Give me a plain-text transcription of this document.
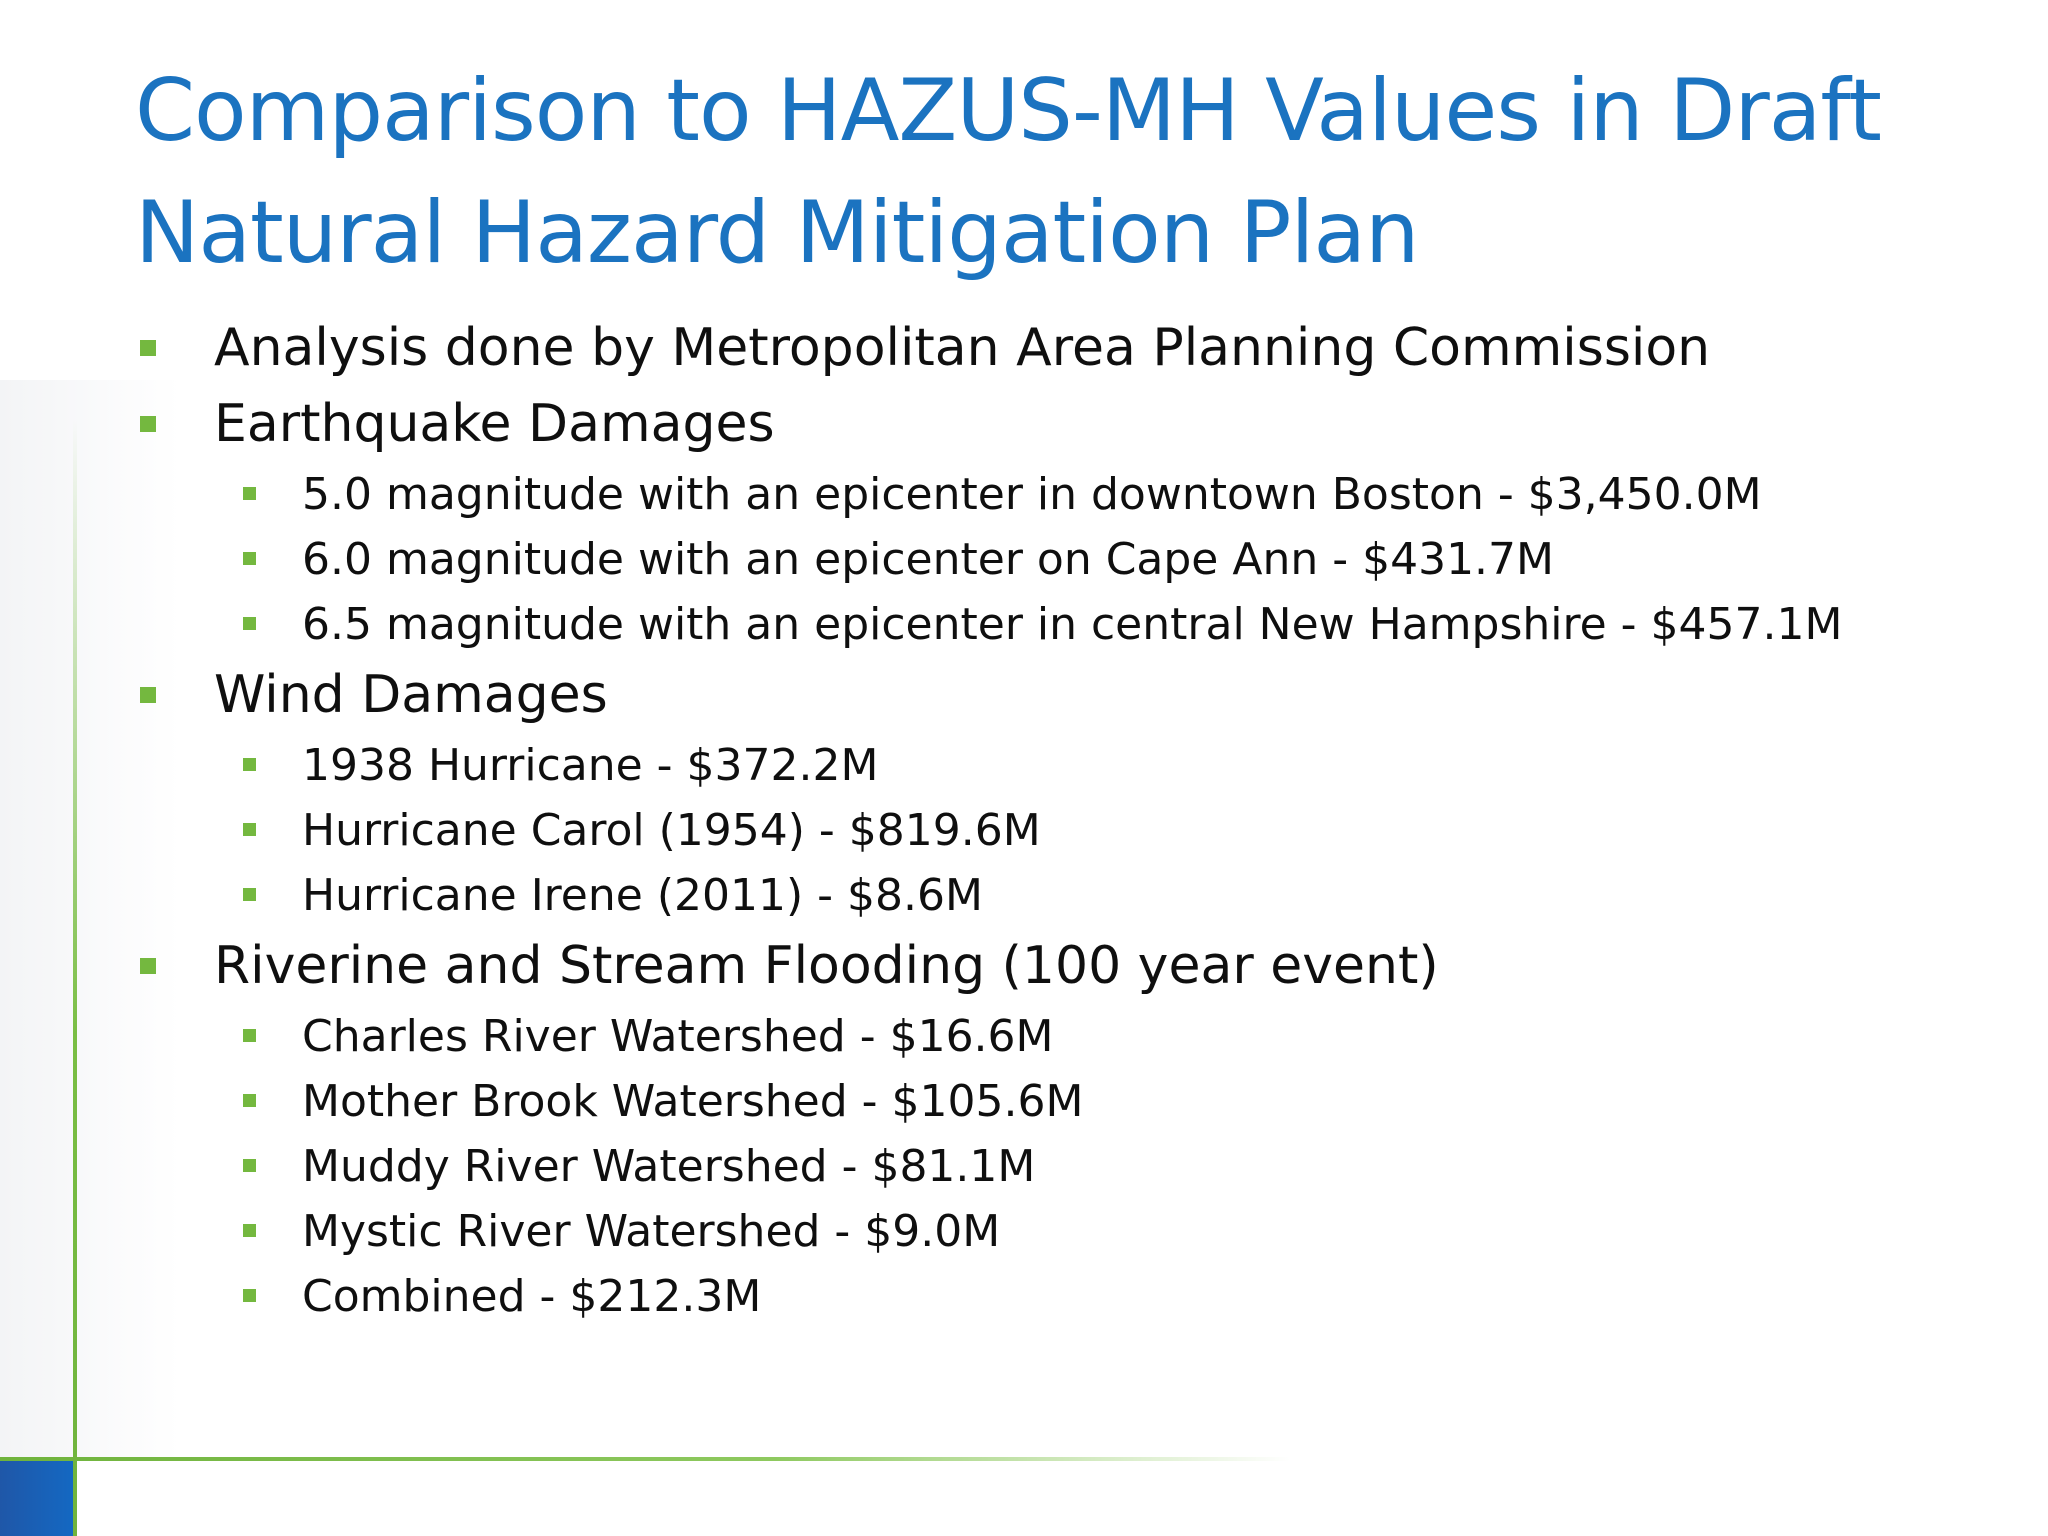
Comparison to HAZUS-MH Values in Draft Natural Hazard Mitigation Plan
Analysis done by Metropolitan Area Planning Commission
Earthquake Damages
5.0 magnitude with an epicenter in downtown Boston - $3,450.0M
6.0 magnitude with an epicenter on Cape Ann - $431.7M
6.5 magnitude with an epicenter in central New Hampshire - $457.1M
Wind Damages
1938 Hurricane - $372.2M
Hurricane Carol (1954) - $819.6M
Hurricane Irene (2011) - $8.6M
Riverine and Stream Flooding (100 year event)
Charles River Watershed - $16.6M
Mother Brook Watershed - $105.6M
Muddy River Watershed - $81.1M
Mystic River Watershed - $9.0M
Combined - $212.3M
